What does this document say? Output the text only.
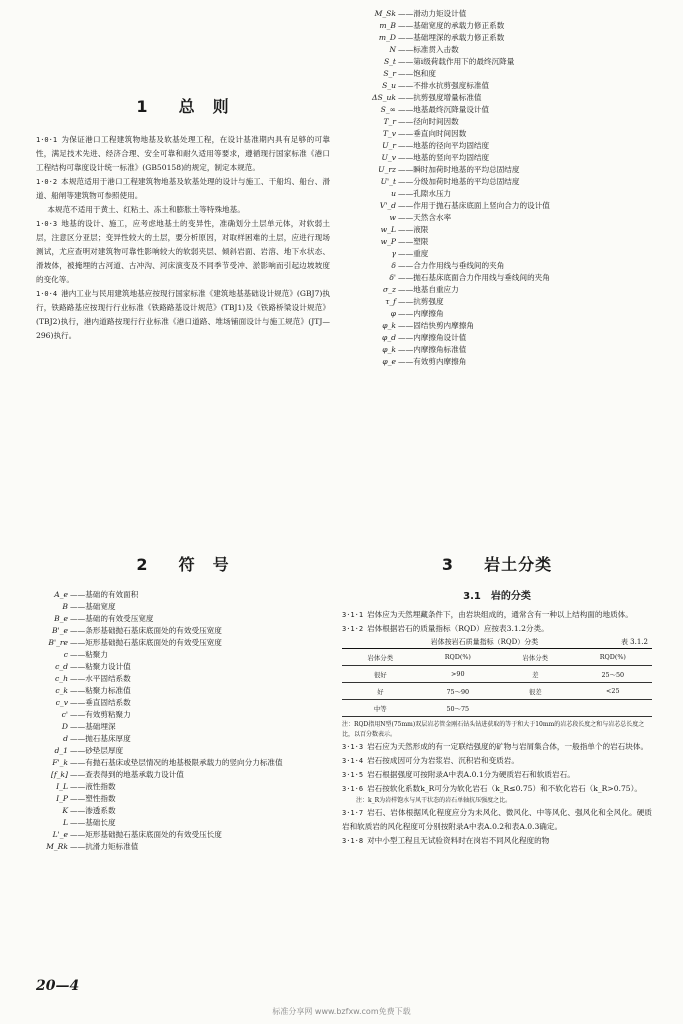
1 总　则

1·0·1 为保证港口工程建筑物地基及软基处理工程，在设计基准期内具有足够的可靠性，满足技术先进、经济合理、安全可靠和耐久适用等要求，遵循现行国家标准《港口工程结构可靠度设计统一标准》(GB50158)的规定，制定本规范。

1·0·2 本规范适用于港口工程建筑物地基及软基处理的设计与施工、干船坞、船台、滑道、船闸等建筑物可参照使用。

本规范不适用于黄土、红粘土、冻土和膨胀土等特殊地基。

1·0·3 地基的设计、施工，应考虑地基土的变异性，准确划分土层单元体，对软弱土层，注意区分亚层；变异性较大的土层，要分析原因，对取样困难的土层，应进行现场测试，尤应查明对建筑物可靠性影响较大的软弱夹层、倾斜岩面、岩溶、地下水状态、滑坡体，被掩埋的古河道、古冲沟、河床演变及不同季节受冲、淤影响而引起边坡坡度的变化等。

1·0·4 港内工业与民用建筑地基应按现行国家标准《建筑地基基础设计规范》(GBJ7)执行，铁路路基应按现行行业标准《铁路路基设计规范》(TBJ1)及《铁路桥梁设计规范》(TBJ2)执行，港内道路按现行行业标准《港口道路、堆场铺面设计与施工规范》(JTJ—296)执行。

M_Sk ——滑动力矩设计值
m_B ——基础宽度的承载力修正系数
m_D ——基础埋深的承载力修正系数
N ——标准贯入击数
S_t ——第i级荷载作用下的最终沉降量
S_r ——饱和度
S_u ——不排水抗剪强度标准值
ΔS_uk ——抗剪强度增量标准值
S_∞ ——地基最终沉降量设计值
T_r ——径向时间因数
T_v ——垂直向时间因数
U_r ——地基的径向平均固结度
U_v ——地基的竖向平均固结度
U_rz ——瞬时加荷时地基的平均总固结度
U'_t ——分级加荷时地基的平均总固结度
u ——孔隙水压力
V'_d ——作用于抛石基床底面上竖向合力的设计值
w ——天然含水率
w_L ——液限
w_P ——塑限
γ ——重度
δ ——合力作用线与垂线间的夹角
δ' ——抛石基床底面合力作用线与垂线间的夹角
σ_z ——地基自重应力
τ_f ——抗剪强度
φ ——内摩擦角
φ_k ——固结快剪内摩擦角
φ_d ——内摩擦角设计值
φ_k ——内摩擦角标准值
φ_e ——有效剪内摩擦角
2 符　号
A_e ——基础的有效面积
B ——基础宽度
B_e ——基础的有效受压宽度
B'_e ——条形基础抛石基床底面处的有效受压宽度
B'_re ——矩形基础抛石基床底面处的有效受压宽度
c ——粘聚力
c_d ——粘聚力设计值
c_h ——水平固结系数
c_k ——粘聚力标准值
c_v ——垂直固结系数
c' ——有效剪粘聚力
D ——基础埋深
d ——抛石基床厚度
d_1 ——砂垫层厚度
F'_k ——有抛石基床或垫层情况的地基极限承载力的竖向分力标准值
[f_k] ——查表得到的地基承载力设计值
I_L ——液性指数
I_P ——塑性指数
K ——渗透系数
L ——基础长度
L'_e ——矩形基础抛石基床底面处的有效受压长度
M_Rk ——抗滑力矩标准值
3 岩土分类
3.1　岩的分类

3·1·1 岩体应为天然埋藏条件下，由岩块组成的，通常含有一种以上结构面的地质体。

3·1·2 岩体根据岩石的质量指标（RQD）应按表3.1.2分类。

岩体按岩石质量指标（RQD）分类	表 3.1.2
岩体分类	RQD(%)	岩体分类	RQD(%)
很好	>90	差	25～50
好	75～90	很差	<25
中等	50～75		

注：RQD指用N型(75mm)双层岩芯管金刚石钻头钻进获取的等于和大于10mm的岩芯段长度之和与岩芯总长度之比，以百分数表示。

3·1·3 岩石应为天然形成的有一定联结强度的矿物与岩屑集合体，一般指单个的岩石块体。

3·1·4 岩石按成因可分为岩浆岩、沉积岩和变质岩。

3·1·5 岩石根据强度可按附录A中表A.0.1分为硬质岩石和软质岩石。

3·1·6 岩石按软化系数k_R可分为软化岩石（k_R≤0.75）和不软化岩石（k_R>0.75）。

注：k_R为岩样饱水与风干状态的岩石单轴抗压强度之比。

3·1·7 岩石、岩体根据风化程度应分为未风化、微风化、中等风化、强风化和全风化。硬质岩和软质岩的风化程度可分别按附录A中表A.0.2和表A.0.3确定。

3·1·8 对中小型工程且无试验资料时在岗岩不同风化程度的物

20—4
标准分享网 www.bzfxw.com免费下载
